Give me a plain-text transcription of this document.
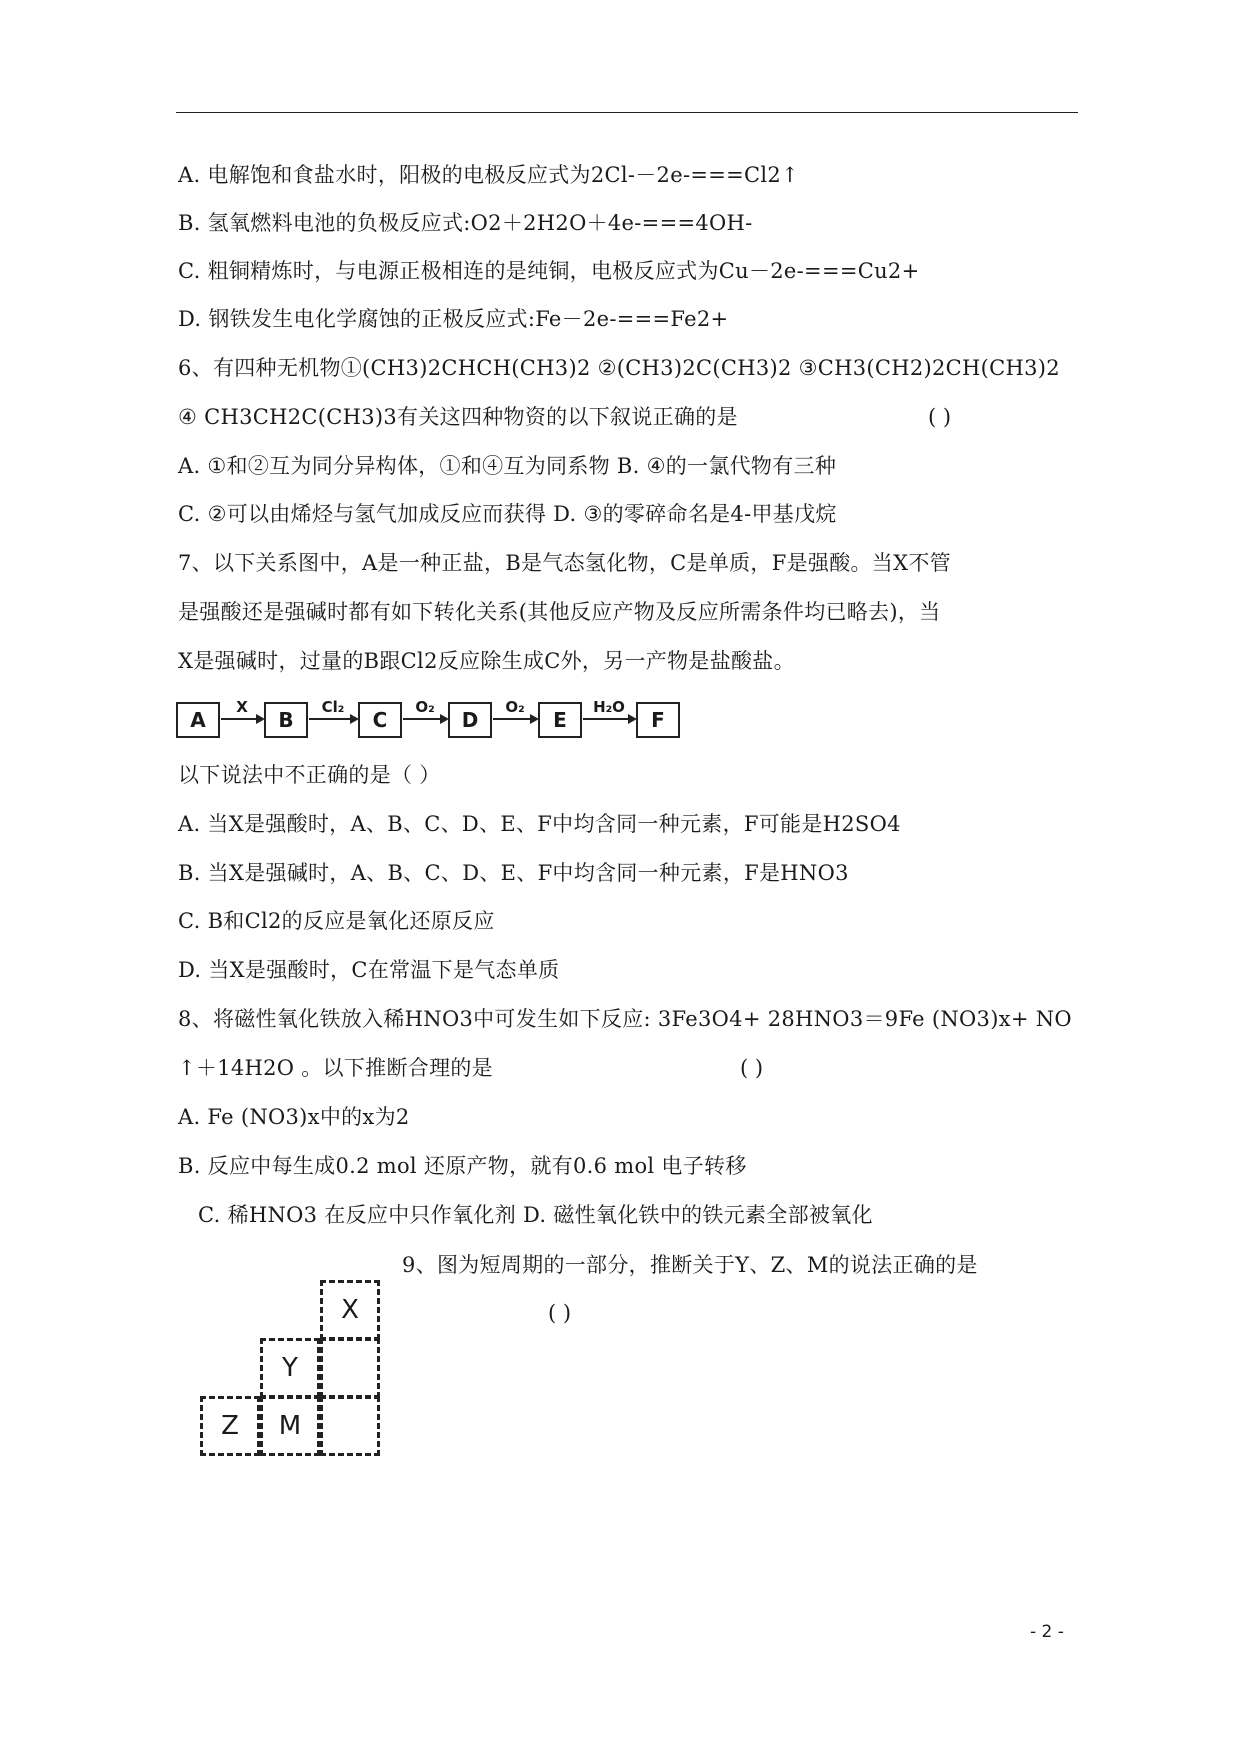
A. 电解饱和食盐水时，阳极的电极反应式为2Cl-－2e-===Cl2↑
B. 氢氧燃料电池的负极反应式:O2＋2H2O＋4e-===4OH-
C. 粗铜精炼时，与电源正极相连的是纯铜，电极反应式为Cu－2e-===Cu2+
D. 钢铁发生电化学腐蚀的正极反应式:Fe－2e-===Fe2+
6、有四种无机物①(CH3)2CHCH(CH3)2 ②(CH3)2C(CH3)2 ③CH3(CH2)2CH(CH3)2
④ CH3CH2C(CH3)3有关这四种物资的以下叙说正确的是	( )
A. ①和②互为同分异构体，①和④互为同系物 B. ④的一氯代物有三种
C. ②可以由烯烃与氢气加成反应而获得 D. ③的零碎命名是4-甲基戊烷
7、以下关系图中，A是一种正盐，B是气态氢化物，C是单质，F是强酸。当X不管
是强酸还是强碱时都有如下转化关系(其他反应产物及反应所需条件均已略去)，当
X是强碱时，过量的B跟Cl2反应除生成C外，另一产物是盐酸盐。
A
X
B
Cl₂
C
O₂
D
O₂
E
H₂O
F
以下说法中不正确的是（ ）
A. 当X是强酸时，A、B、C、D、E、F中均含同一种元素，F可能是H2SO4
B. 当X是强碱时，A、B、C、D、E、F中均含同一种元素，F是HNO3
C. B和Cl2的反应是氧化还原反应
D. 当X是强酸时，C在常温下是气态单质
8、将磁性氧化铁放入稀HNO3中可发生如下反应: 3Fe3O4+ 28HNO3＝9Fe (NO3)x+ NO
↑＋14H2O 。以下推断合理的是	( )
A. Fe (NO3)x中的x为2
B. 反应中每生成0.2 mol 还原产物，就有0.6 mol 电子转移
C. 稀HNO3 在反应中只作氧化剂 D. 磁性氧化铁中的铁元素全部被氧化
9、图为短周期的一部分，推断关于Y、Z、M的说法正确的是
( )
X
Y
Z	M
- 2 -
